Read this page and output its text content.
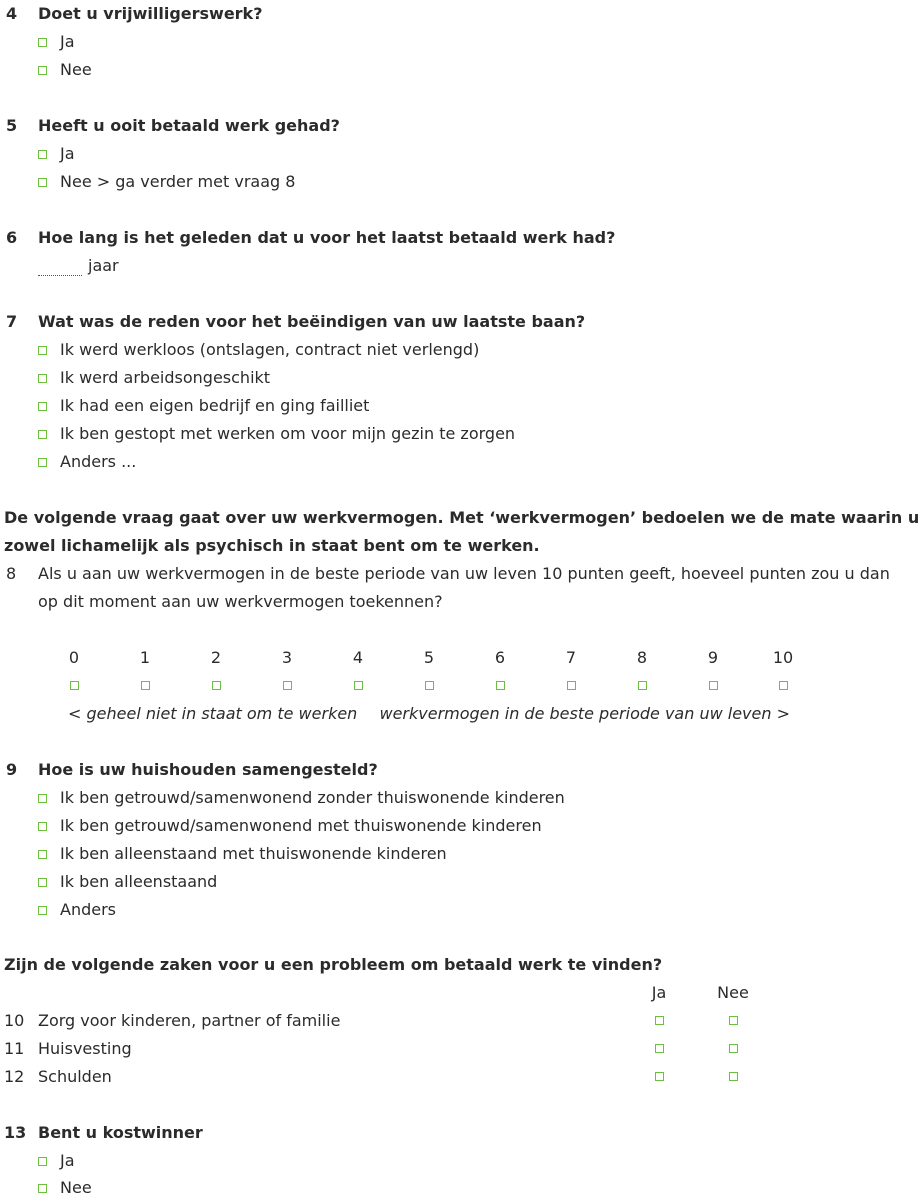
4 Doet u vrijwilligerswerk?
Ja
Nee
5 Heeft u ooit betaald werk gehad?
Ja
Nee > ga verder met vraag 8
6 Hoe lang is het geleden dat u voor het laatst betaald werk had?
jaar
7 Wat was de reden voor het beëindigen van uw laatste baan?
Ik werd werkloos (ontslagen, contract niet verlengd)
Ik werd arbeidsongeschikt
Ik had een eigen bedrijf en ging failliet
Ik ben gestopt met werken om voor mijn gezin te zorgen
Anders ...
De volgende vraag gaat over uw werkvermogen. Met ‘werkvermogen’ bedoelen we de mate waarin u
zowel lichamelijk als psychisch in staat bent om te werken.
8 Als u aan uw werkvermogen in de beste periode van uw leven 10 punten geeft, hoeveel punten zou u dan
op dit moment aan uw werkvermogen toekennen?
0	1	2	3	4	5	6	7	8	9	10
< geheel niet in staat om te werken werkvermogen in de beste periode van uw leven >
9 Hoe is uw huishouden samengesteld?
Ik ben getrouwd/samenwonend zonder thuiswonende kinderen
Ik ben getrouwd/samenwonend met thuiswonende kinderen
Ik ben alleenstaand met thuiswonende kinderen
Ik ben alleenstaand
Anders
Zijn de volgende zaken voor u een probleem om betaald werk te vinden?
Ja	Nee
10 Zorg voor kinderen, partner of familie
11 Huisvesting
12 Schulden
13 Bent u kostwinner
Ja
Nee
